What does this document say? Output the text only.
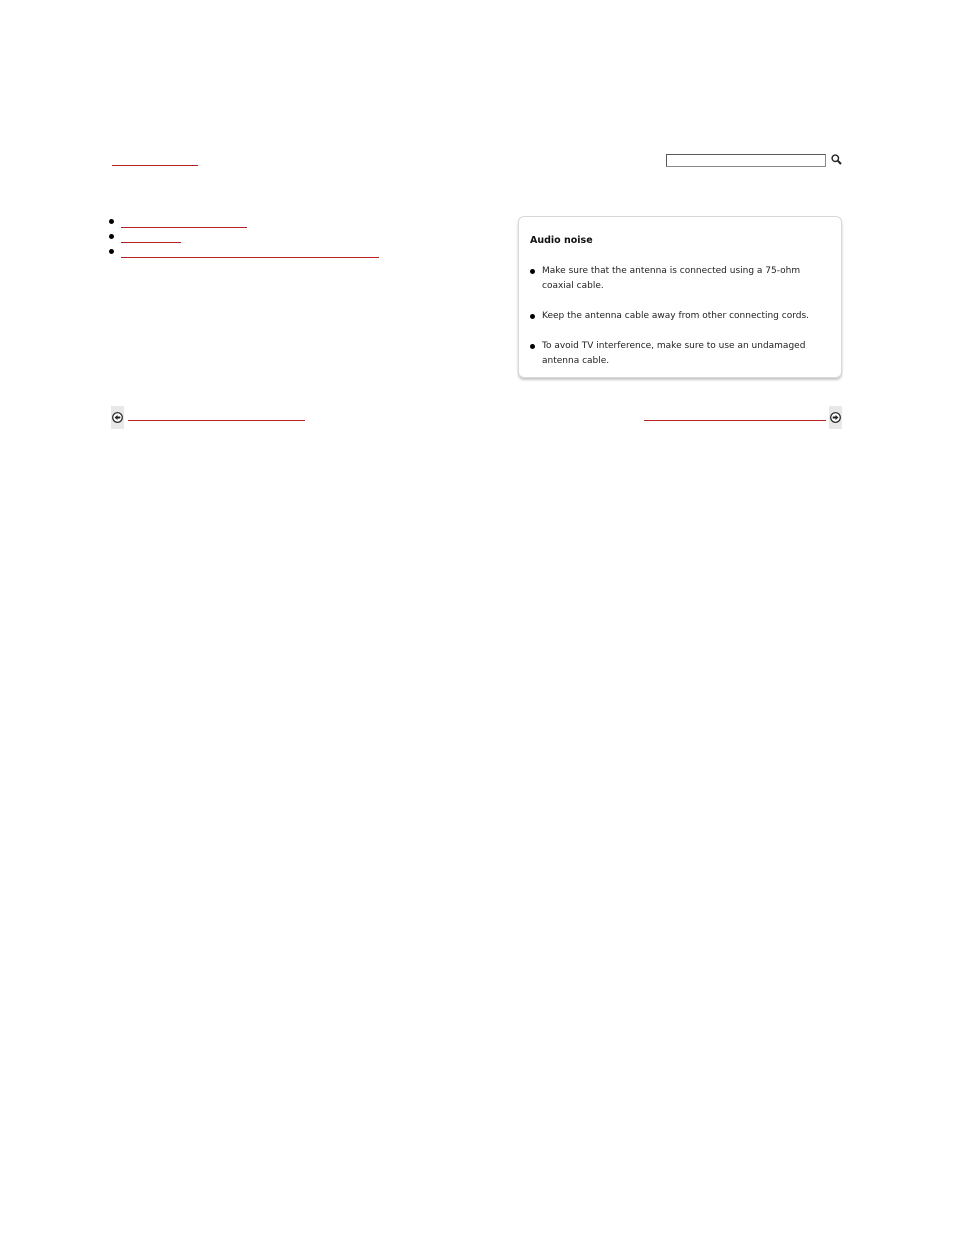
Audio noise
Make sure that the antenna is connected using a 75-ohm coaxial cable.
Keep the antenna cable away from other connecting cords.
To avoid TV interference, make sure to use an undamaged antenna cable.
